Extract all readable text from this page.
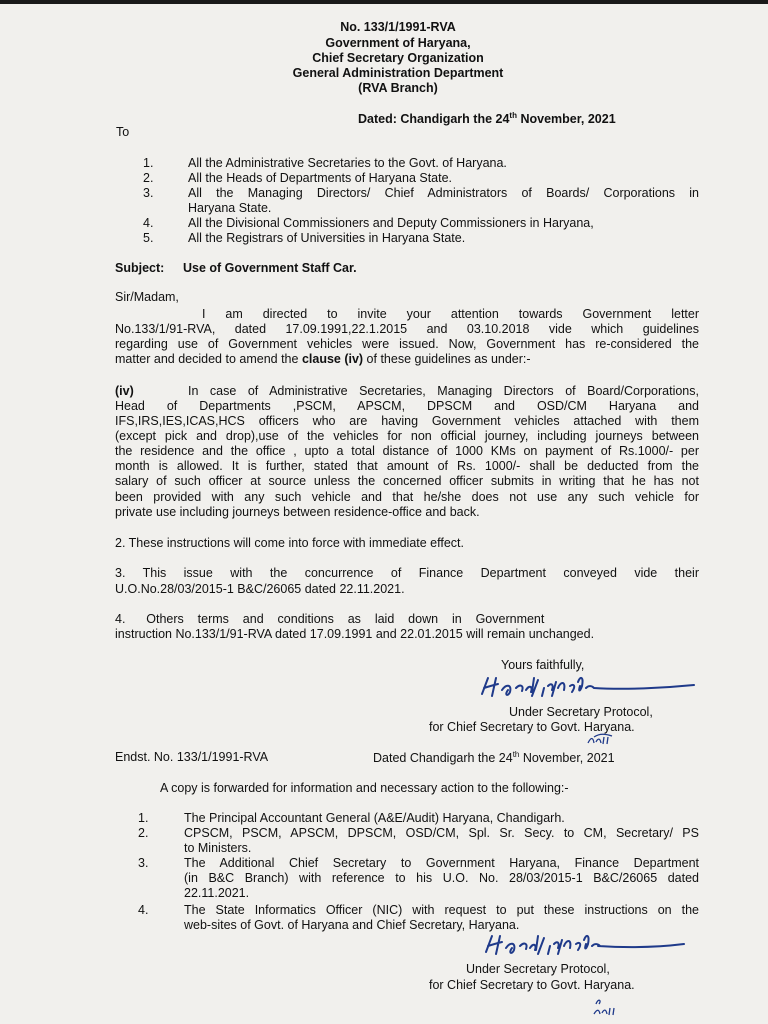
No. 133/1/1991-RVA
Government of Haryana,
Chief Secretary Organization
General Administration Department
(RVA Branch)
Dated: Chandigarh the 24th November, 2021
To
1.	All the Administrative Secretaries to the Govt. of Haryana.
2.	All the Heads of Departments of Haryana State.
3.	All the Managing Directors/ Chief Administrators of Boards/ Corporations in
Haryana State.
4.	All the Divisional Commissioners and Deputy Commissioners in Haryana,
5.	All the Registrars of Universities in Haryana State.
Subject: Use of Government Staff Car.
Sir/Madam,
I am directed to invite your attention towards Government letter
No.133/1/91-RVA, dated 17.09.1991,22.1.2015 and 03.10.2018 vide which guidelines
regarding use of Government vehicles were issued. Now, Government has re-considered the
matter and decided to amend the clause (iv) of these guidelines as under:-
(iv)	In case of Administrative Secretaries, Managing Directors of Board/Corporations,
Head of Departments ,PSCM, APSCM, DPSCM and OSD/CM Haryana and
IFS,IRS,IES,ICAS,HCS officers who are having Government vehicles attached with them
(except pick and drop),use of the vehicles for non official journey, including journeys between
the residence and the office , upto a total distance of 1000 KMs on payment of Rs.1000/- per
month is allowed. It is further, stated that amount of Rs. 1000/- shall be deducted from the
salary of such officer at source unless the concerned officer submits in writing that he has not
been provided with any such vehicle and that he/she does not use any such vehicle for
private use including journeys between residence-office and back.
2. These instructions will come into force with immediate effect.
3. This issue with the concurrence of Finance Department conveyed vide their
U.O.No.28/03/2015-1 B&C/26065 dated 22.11.2021.
4.      Others    terms    and    conditions    as    laid    down    in    Government
instruction No.133/1/91-RVA dated 17.09.1991 and 22.01.2015 will remain unchanged.
Yours faithfully,
Under Secretary Protocol,
for Chief Secretary to Govt. Haryana.
Endst. No. 133/1/1991-RVA	Dated Chandigarh the 24th November, 2021
A copy is forwarded for information and necessary action to the following:-
1.	The Principal Accountant General (A&E/Audit) Haryana, Chandigarh.
2.	CPSCM, PSCM, APSCM, DPSCM, OSD/CM, Spl. Sr. Secy. to CM, Secretary/ PS
to Ministers.
3.	The Additional Chief Secretary to Government Haryana, Finance Department
(in B&C Branch) with reference to his U.O. No. 28/03/2015-1 B&C/26065 dated
22.11.2021.
4.	The State Informatics Officer (NIC) with request to put these instructions on the
web-sites of Govt. of Haryana and Chief Secretary, Haryana.
Under Secretary Protocol,
for Chief Secretary to Govt. Haryana.
